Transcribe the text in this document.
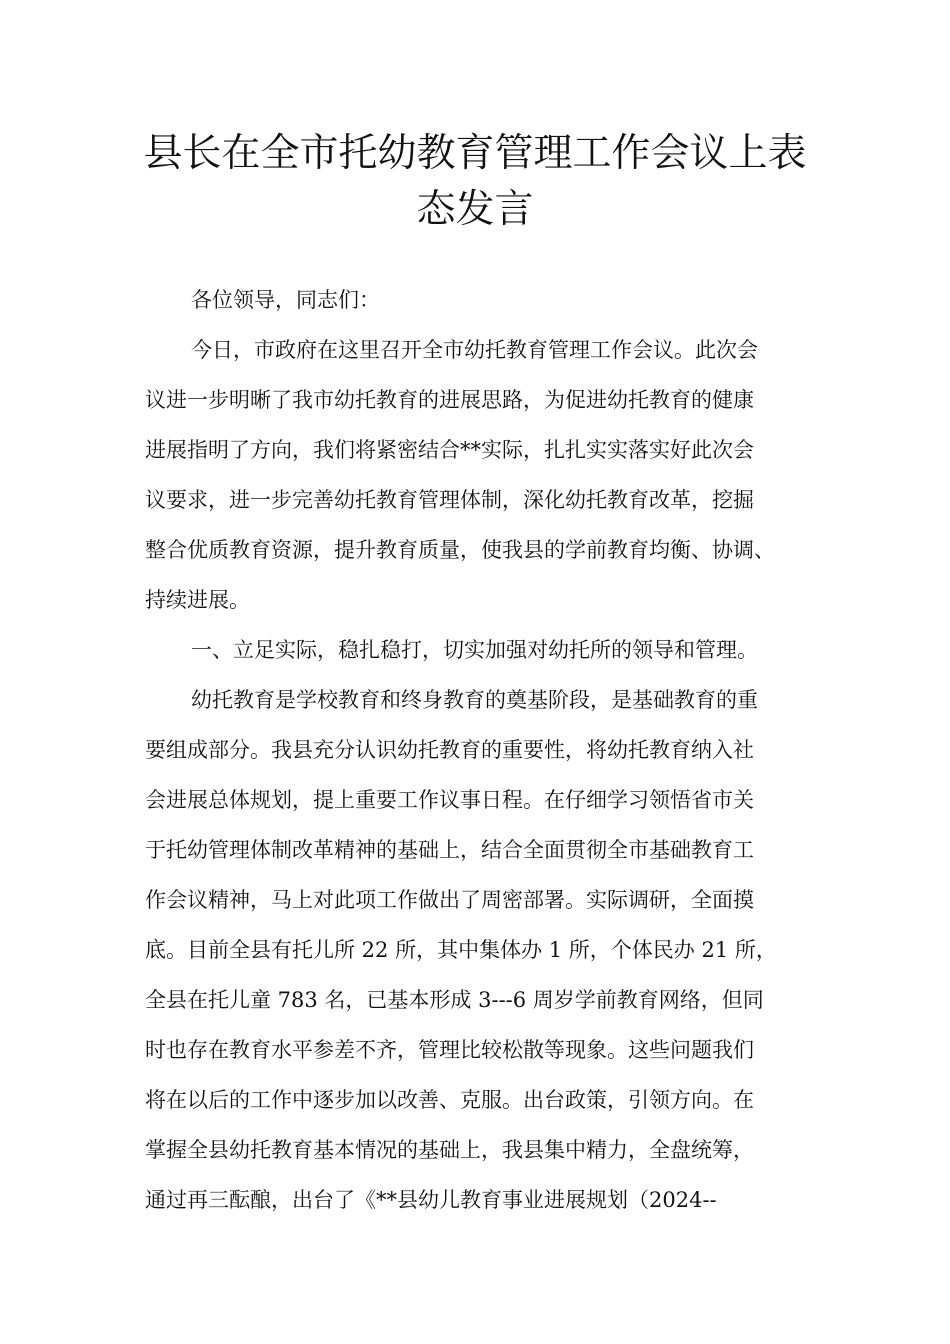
县长在全市托幼教育管理工作会议上表
态发言
各位领导，同志们：
今日，市政府在这里召开全市幼托教育管理工作会议。此次会
议进一步明晰了我市幼托教育的进展思路，为促进幼托教育的健康
进展指明了方向，我们将紧密结合**实际，扎扎实实落实好此次会
议要求，进一步完善幼托教育管理体制，深化幼托教育改革，挖掘
整合优质教育资源，提升教育质量，使我县的学前教育均衡、协调、
持续进展。
一、立足实际，稳扎稳打，切实加强对幼托所的领导和管理。
幼托教育是学校教育和终身教育的奠基阶段，是基础教育的重
要组成部分。我县充分认识幼托教育的重要性，将幼托教育纳入社
会进展总体规划，提上重要工作议事日程。在仔细学习领悟省市关
于托幼管理体制改革精神的基础上，结合全面贯彻全市基础教育工
作会议精神，马上对此项工作做出了周密部署。实际调研，全面摸
底。目前全县有托儿所 22 所，其中集体办 1 所，个体民办 21 所，
全县在托儿童 783 名，已基本形成 3---6 周岁学前教育网络，但同
时也存在教育水平参差不齐，管理比较松散等现象。这些问题我们
将在以后的工作中逐步加以改善、克服。出台政策，引领方向。在
掌握全县幼托教育基本情况的基础上，我县集中精力，全盘统筹，
通过再三酝酿，出台了《**县幼儿教育事业进展规划（2024--
